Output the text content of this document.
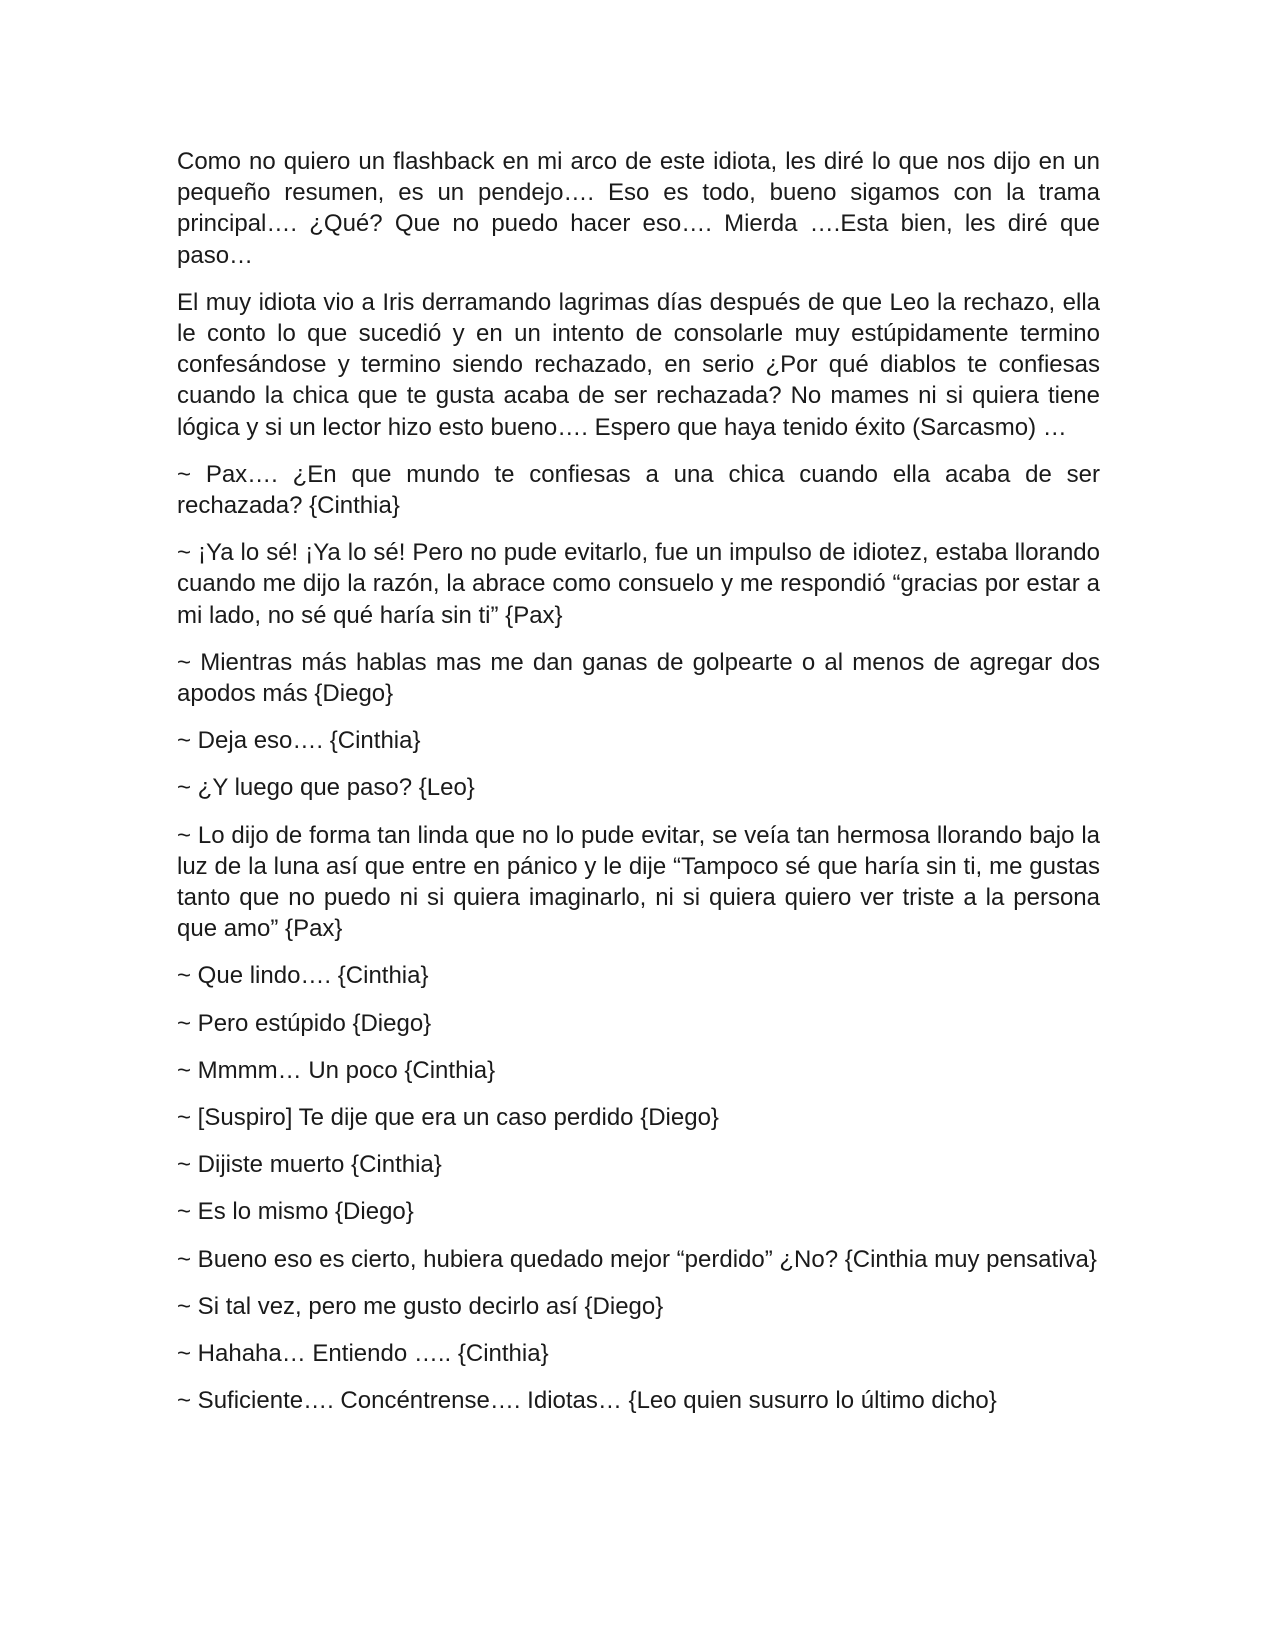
Como no quiero un flashback en mi arco de este idiota, les diré lo que nos dijo en un pequeño resumen, es un pendejo…. Eso es todo, bueno sigamos con la trama principal…. ¿Qué? Que no puedo hacer eso…. Mierda ….Esta bien, les diré que paso…

El muy idiota vio a Iris derramando lagrimas días después de que Leo la rechazo, ella le conto lo que sucedió y en un intento de consolarle muy estúpidamente termino confesándose y termino siendo rechazado, en serio ¿Por qué diablos te confiesas cuando la chica que te gusta acaba de ser rechazada? No mames ni si quiera tiene lógica y si un lector hizo esto bueno…. Espero que haya tenido éxito (Sarcasmo) …

~ Pax…. ¿En que mundo te confiesas a una chica cuando ella acaba de ser rechazada? {Cinthia}

~ ¡Ya lo sé! ¡Ya lo sé! Pero no pude evitarlo, fue un impulso de idiotez, estaba llorando cuando me dijo la razón, la abrace como consuelo y me respondió “gracias por estar a mi lado, no sé qué haría sin ti” {Pax}

~ Mientras más hablas mas me dan ganas de golpearte o al menos de agregar dos apodos más {Diego}

~ Deja eso…. {Cinthia}

~ ¿Y luego que paso? {Leo}

~ Lo dijo de forma tan linda que no lo pude evitar, se veía tan hermosa llorando bajo la luz de la luna así que entre en pánico y le dije “Tampoco sé que haría sin ti, me gustas tanto que no puedo ni si quiera imaginarlo, ni si quiera quiero ver triste a la persona que amo” {Pax}

~ Que lindo…. {Cinthia}

~ Pero estúpido {Diego}

~ Mmmm… Un poco {Cinthia}

~ [Suspiro] Te dije que era un caso perdido {Diego}

~ Dijiste muerto {Cinthia}

~ Es lo mismo {Diego}

~ Bueno eso es cierto, hubiera quedado mejor “perdido” ¿No? {Cinthia muy pensativa}

~ Si tal vez, pero me gusto decirlo así {Diego}

~ Hahaha… Entiendo ….. {Cinthia}

~ Suficiente…. Concéntrense…. Idiotas… {Leo quien susurro lo último dicho}
